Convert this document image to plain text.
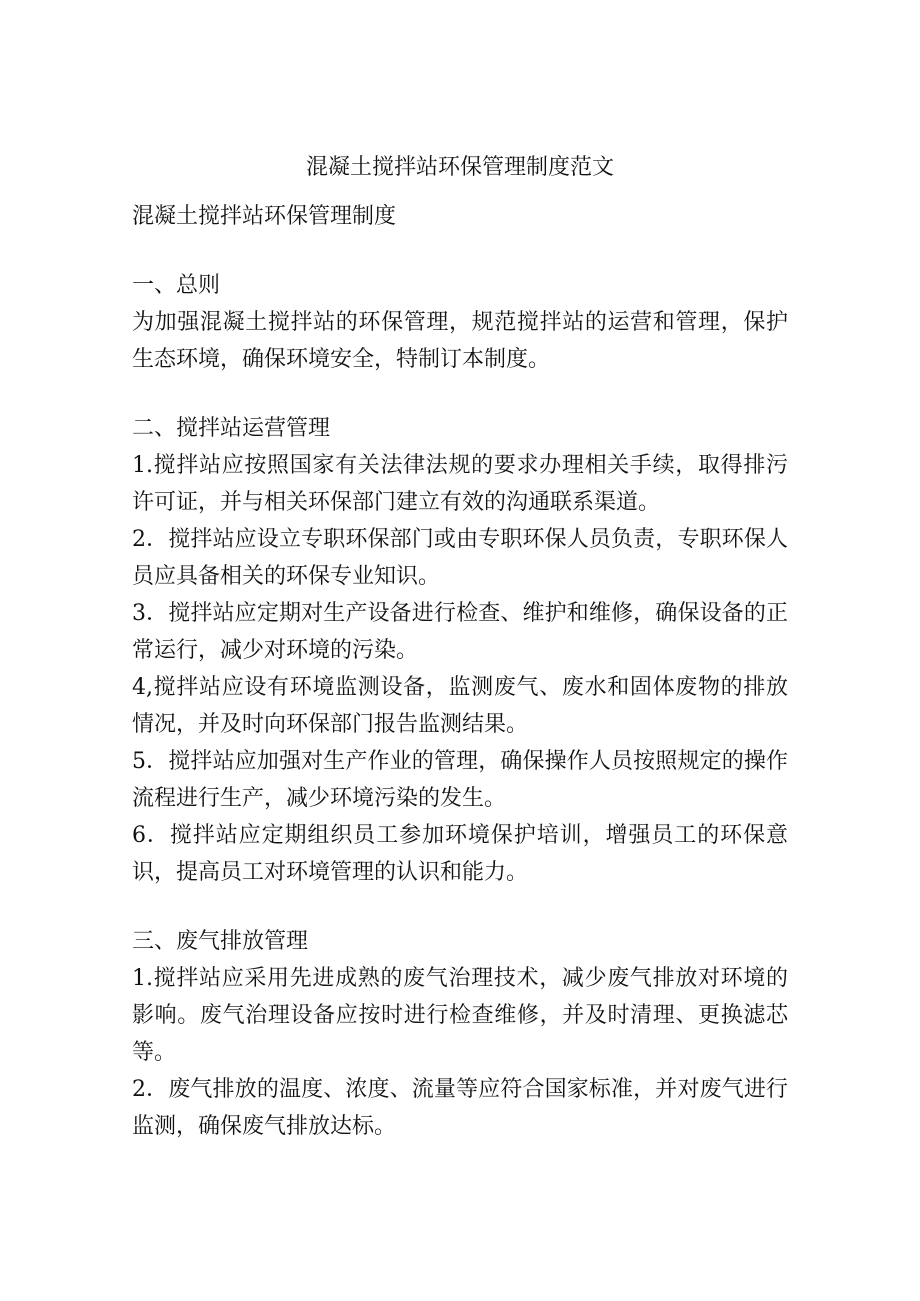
混凝土搅拌站环保管理制度范文

混凝土搅拌站环保管理制度

一、总则

为加强混凝土搅拌站的环保管理，规范搅拌站的运营和管理，保护生态环境，确保环境安全，特制订本制度。

二、搅拌站运营管理

1.搅拌站应按照国家有关法律法规的要求办理相关手续，取得排污许可证，并与相关环保部门建立有效的沟通联系渠道。

2．搅拌站应设立专职环保部门或由专职环保人员负责，专职环保人员应具备相关的环保专业知识。

3．搅拌站应定期对生产设备进行检查、维护和维修，确保设备的正常运行，减少对环境的污染。

4,搅拌站应设有环境监测设备，监测废气、废水和固体废物的排放情况，并及时向环保部门报告监测结果。

5．搅拌站应加强对生产作业的管理，确保操作人员按照规定的操作流程进行生产，减少环境污染的发生。

6．搅拌站应定期组织员工参加环境保护培训，增强员工的环保意识，提高员工对环境管理的认识和能力。

三、废气排放管理

1.搅拌站应采用先进成熟的废气治理技术，减少废气排放对环境的影响。废气治理设备应按时进行检查维修，并及时清理、更换滤芯等。

2．废气排放的温度、浓度、流量等应符合国家标准，并对废气进行监测，确保废气排放达标。
